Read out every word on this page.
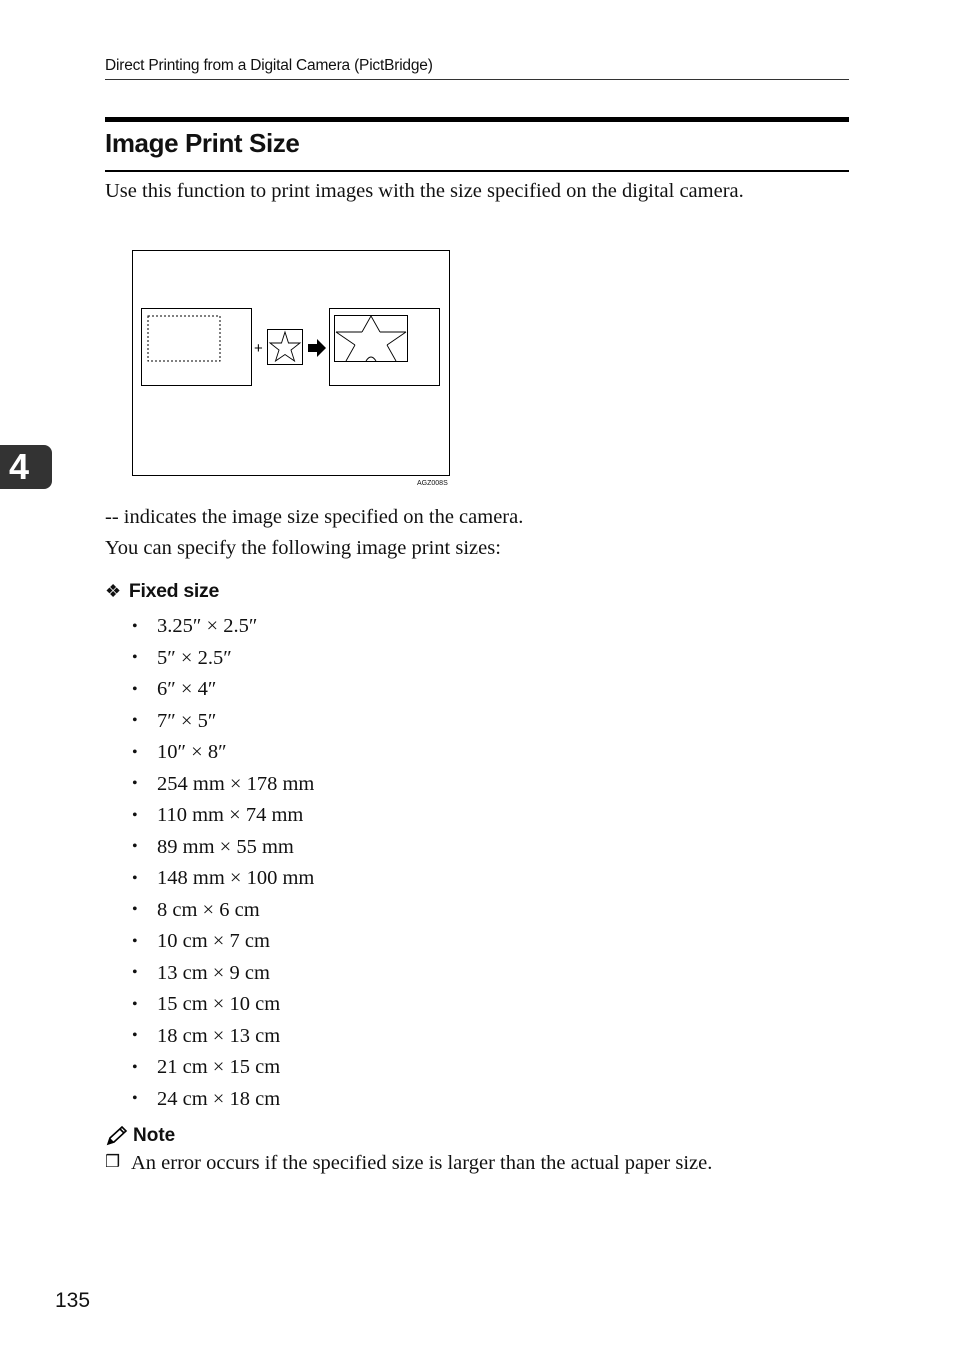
Direct Printing from a Digital Camera (PictBridge)
Image Print Size
Use this function to print images with the size specified on the digital camera.
+
AGZ008S
4
-- indicates the image size specified on the camera.
You can specify the following image print sizes:
❖ Fixed size
• 3.25″ × 2.5″
• 5″ × 2.5″
• 6″ × 4″
• 7″ × 5″
• 10″ × 8″
• 254 mm × 178 mm
• 110 mm × 74 mm
• 89 mm × 55 mm
• 148 mm × 100 mm
• 8 cm × 6 cm
• 10 cm × 7 cm
• 13 cm × 9 cm
• 15 cm × 10 cm
• 18 cm × 13 cm
• 21 cm × 15 cm
• 24 cm × 18 cm
Note
❒ An error occurs if the specified size is larger than the actual paper size.
135
